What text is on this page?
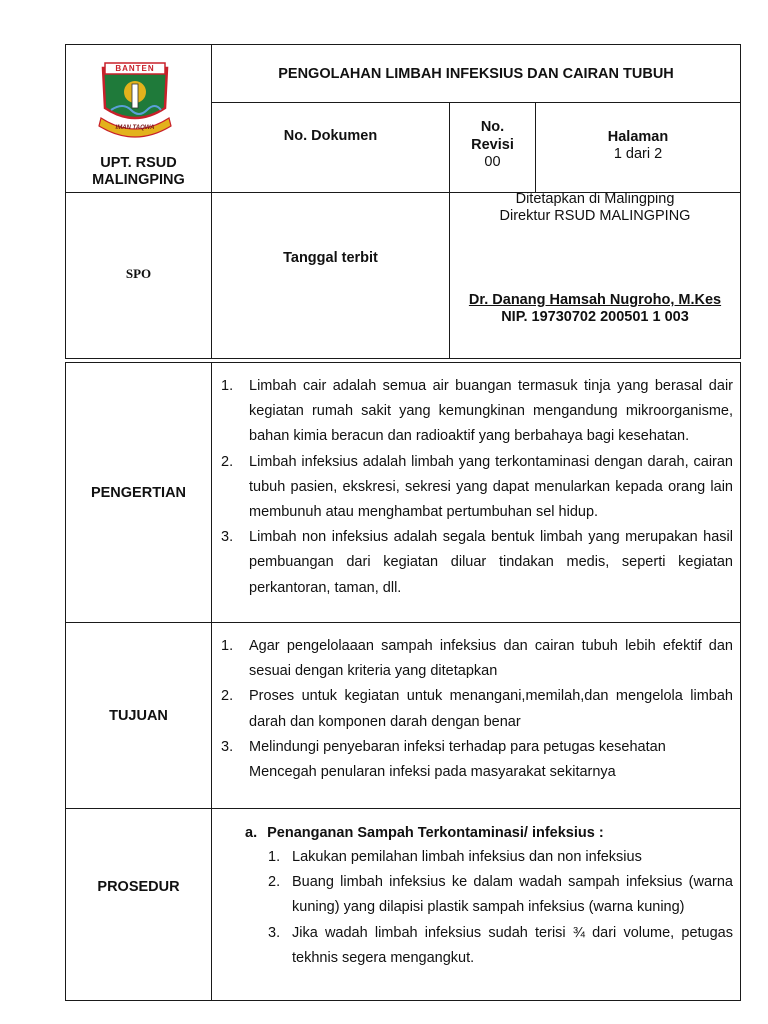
BANTEN
IMAN TAQWA
UPT. RSUD
MALINGPING
PENGOLAHAN LIMBAH INFEKSIUS DAN CAIRAN TUBUH
No. Dokumen
No.
Revisi
00
Halaman
1 dari 2
SPO
Tanggal terbit
Ditetapkan di Malingping
Direktur RSUD MALINGPING
Dr. Danang Hamsah Nugroho, M.Kes
NIP. 19730702 200501 1 003
PENGERTIAN
1. Limbah cair adalah semua air buangan termasuk tinja yang berasal dair kegiatan rumah sakit yang kemungkinan mengandung mikroorganisme, bahan kimia beracun dan radioaktif yang berbahaya bagi kesehatan.
2. Limbah infeksius adalah limbah yang terkontaminasi dengan darah, cairan tubuh pasien, ekskresi, sekresi yang dapat menularkan kepada orang lain membunuh atau menghambat pertumbuhan sel hidup.
3. Limbah non infeksius adalah segala bentuk limbah yang merupakan hasil pembuangan dari kegiatan diluar tindakan medis, seperti kegiatan perkantoran, taman, dll.
TUJUAN
1. Agar pengelolaaan sampah infeksius dan cairan tubuh lebih efektif dan sesuai dengan kriteria yang ditetapkan
2. Proses untuk kegiatan untuk menangani,memilah,dan mengelola limbah darah dan komponen darah dengan benar
3. Melindungi penyebaran infeksi terhadap para petugas kesehatan Mencegah penularan infeksi pada masyarakat sekitarnya
PROSEDUR
a. Penanganan Sampah Terkontaminasi/ infeksius :
1. Lakukan pemilahan limbah infeksius dan non infeksius
2. Buang limbah infeksius ke dalam wadah sampah infeksius (warna kuning) yang dilapisi plastik sampah infeksius (warna kuning)
3. Jika wadah limbah infeksius sudah terisi ¾ dari volume, petugas tekhnis segera mengangkut.
